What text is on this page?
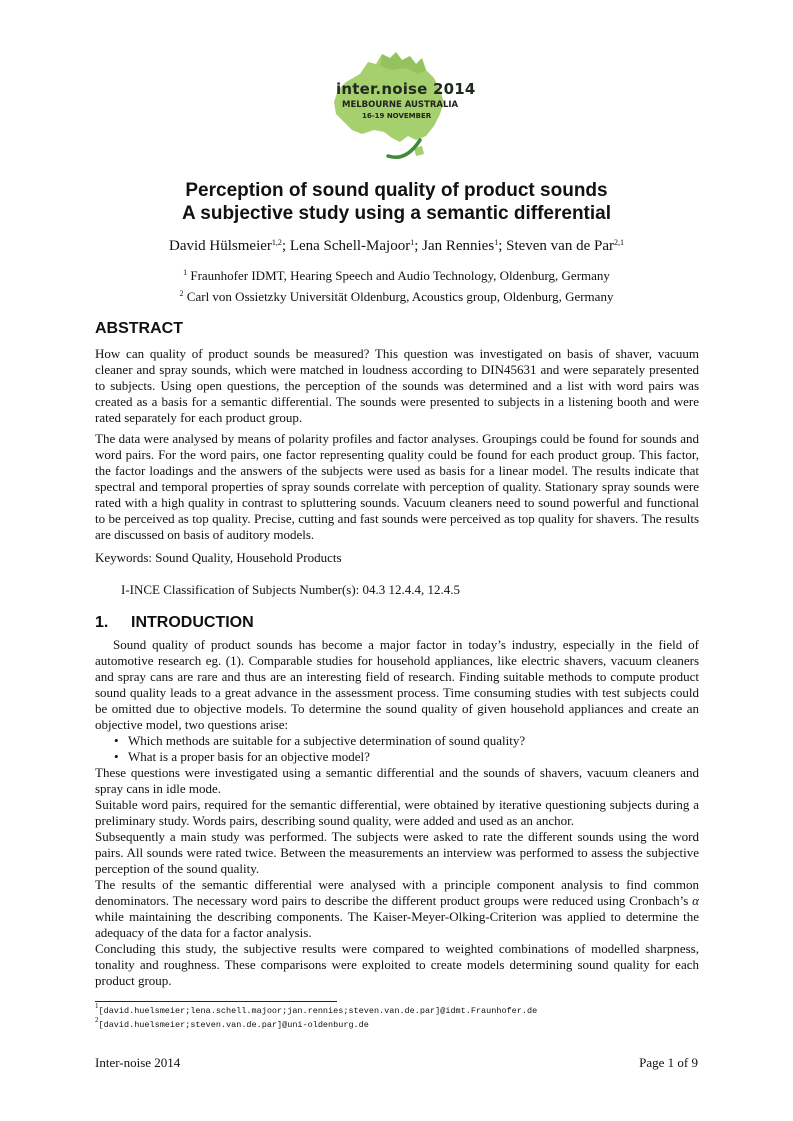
inter.noise 2014
MELBOURNE AUSTRALIA
16-19 NOVEMBER
Perception of sound quality of product sounds
A subjective study using a semantic differential
David Hülsmeier$^{1,2}$; Lena Schell-Majoor$^1$; Jan Rennies$^1$; Steven van de Par$^{2,1}$
$^1$ Fraunhofer IDMT, Hearing Speech and Audio Technology, Oldenburg, Germany
$^2$ Carl von Ossietzky Universität Oldenburg, Acoustics group, Oldenburg, Germany
ABSTRACT

How can quality of product sounds be measured? This question was investigated on basis of shaver, vacuum cleaner and spray sounds, which were matched in loudness according to DIN45631 and were separately presented to subjects. Using open questions, the perception of the sounds was determined and a list with word pairs was created as a basis for a semantic differential. The sounds were presented to subjects in a listening booth and were rated separately for each product group.

The data were analysed by means of polarity profiles and factor analyses. Groupings could be found for sounds and word pairs. For the word pairs, one factor representing quality could be found for each product group. This factor, the factor loadings and the answers of the subjects were used as basis for a linear model. The results indicate that spectral and temporal properties of spray sounds correlate with perception of quality. Stationary spray sounds were rated with a high quality in contrast to spluttering sounds. Vacuum cleaners need to sound powerful and functional to be perceived as top quality. Precise, cutting and fast sounds were perceived as top quality for shavers. The results are discussed on basis of auditory models.

Keywords: Sound Quality, Household Products
I-INCE Classification of Subjects Number(s): 04.3 12.4.4, 12.4.5
1. INTRODUCTION

Sound quality of product sounds has become a major factor in today’s industry, especially in the field of automotive research eg. (1). Comparable studies for household appliances, like electric shavers, vacuum cleaners and spray cans are rare and thus are an interesting field of research. Finding suitable methods to compute product sound quality leads to a great advance in the assessment process. Time consuming studies with test subjects could be omitted due to objective models. To determine the sound quality of given household appliances and create an objective model, two questions arise:

• Which methods are suitable for a subjective determination of sound quality?
• What is a proper basis for an objective model?

These questions were investigated using a semantic differential and the sounds of shavers, vacuum cleaners and spray cans in idle mode.

Suitable word pairs, required for the semantic differential, were obtained by iterative questioning subjects during a preliminary study. Words pairs, describing sound quality, were added and used as an anchor.

Subsequently a main study was performed. The subjects were asked to rate the different sounds using the word pairs. All sounds were rated twice. Between the measurements an interview was performed to assess the subjective perception of the sound quality.

The results of the semantic differential were analysed with a principle component analysis to find common denominators. The necessary word pairs to describe the different product groups were reduced using Cronbach’s α while maintaining the describing components. The Kaiser-Meyer-Olking-Criterion was applied to determine the adequacy of the data for a factor analysis.

Concluding this study, the subjective results were compared to weighted combinations of modelled sharpness, tonality and roughness. These comparisons were exploited to create models determining sound quality for each product group.

$^1$[david.huelsmeier;lena.schell.majoor;jan.rennies;steven.van.de.par]@idmt.Fraunhofer.de
$^2$[david.huelsmeier;steven.van.de.par]@uni-oldenburg.de
Inter-noise 2014	Page 1 of 9
